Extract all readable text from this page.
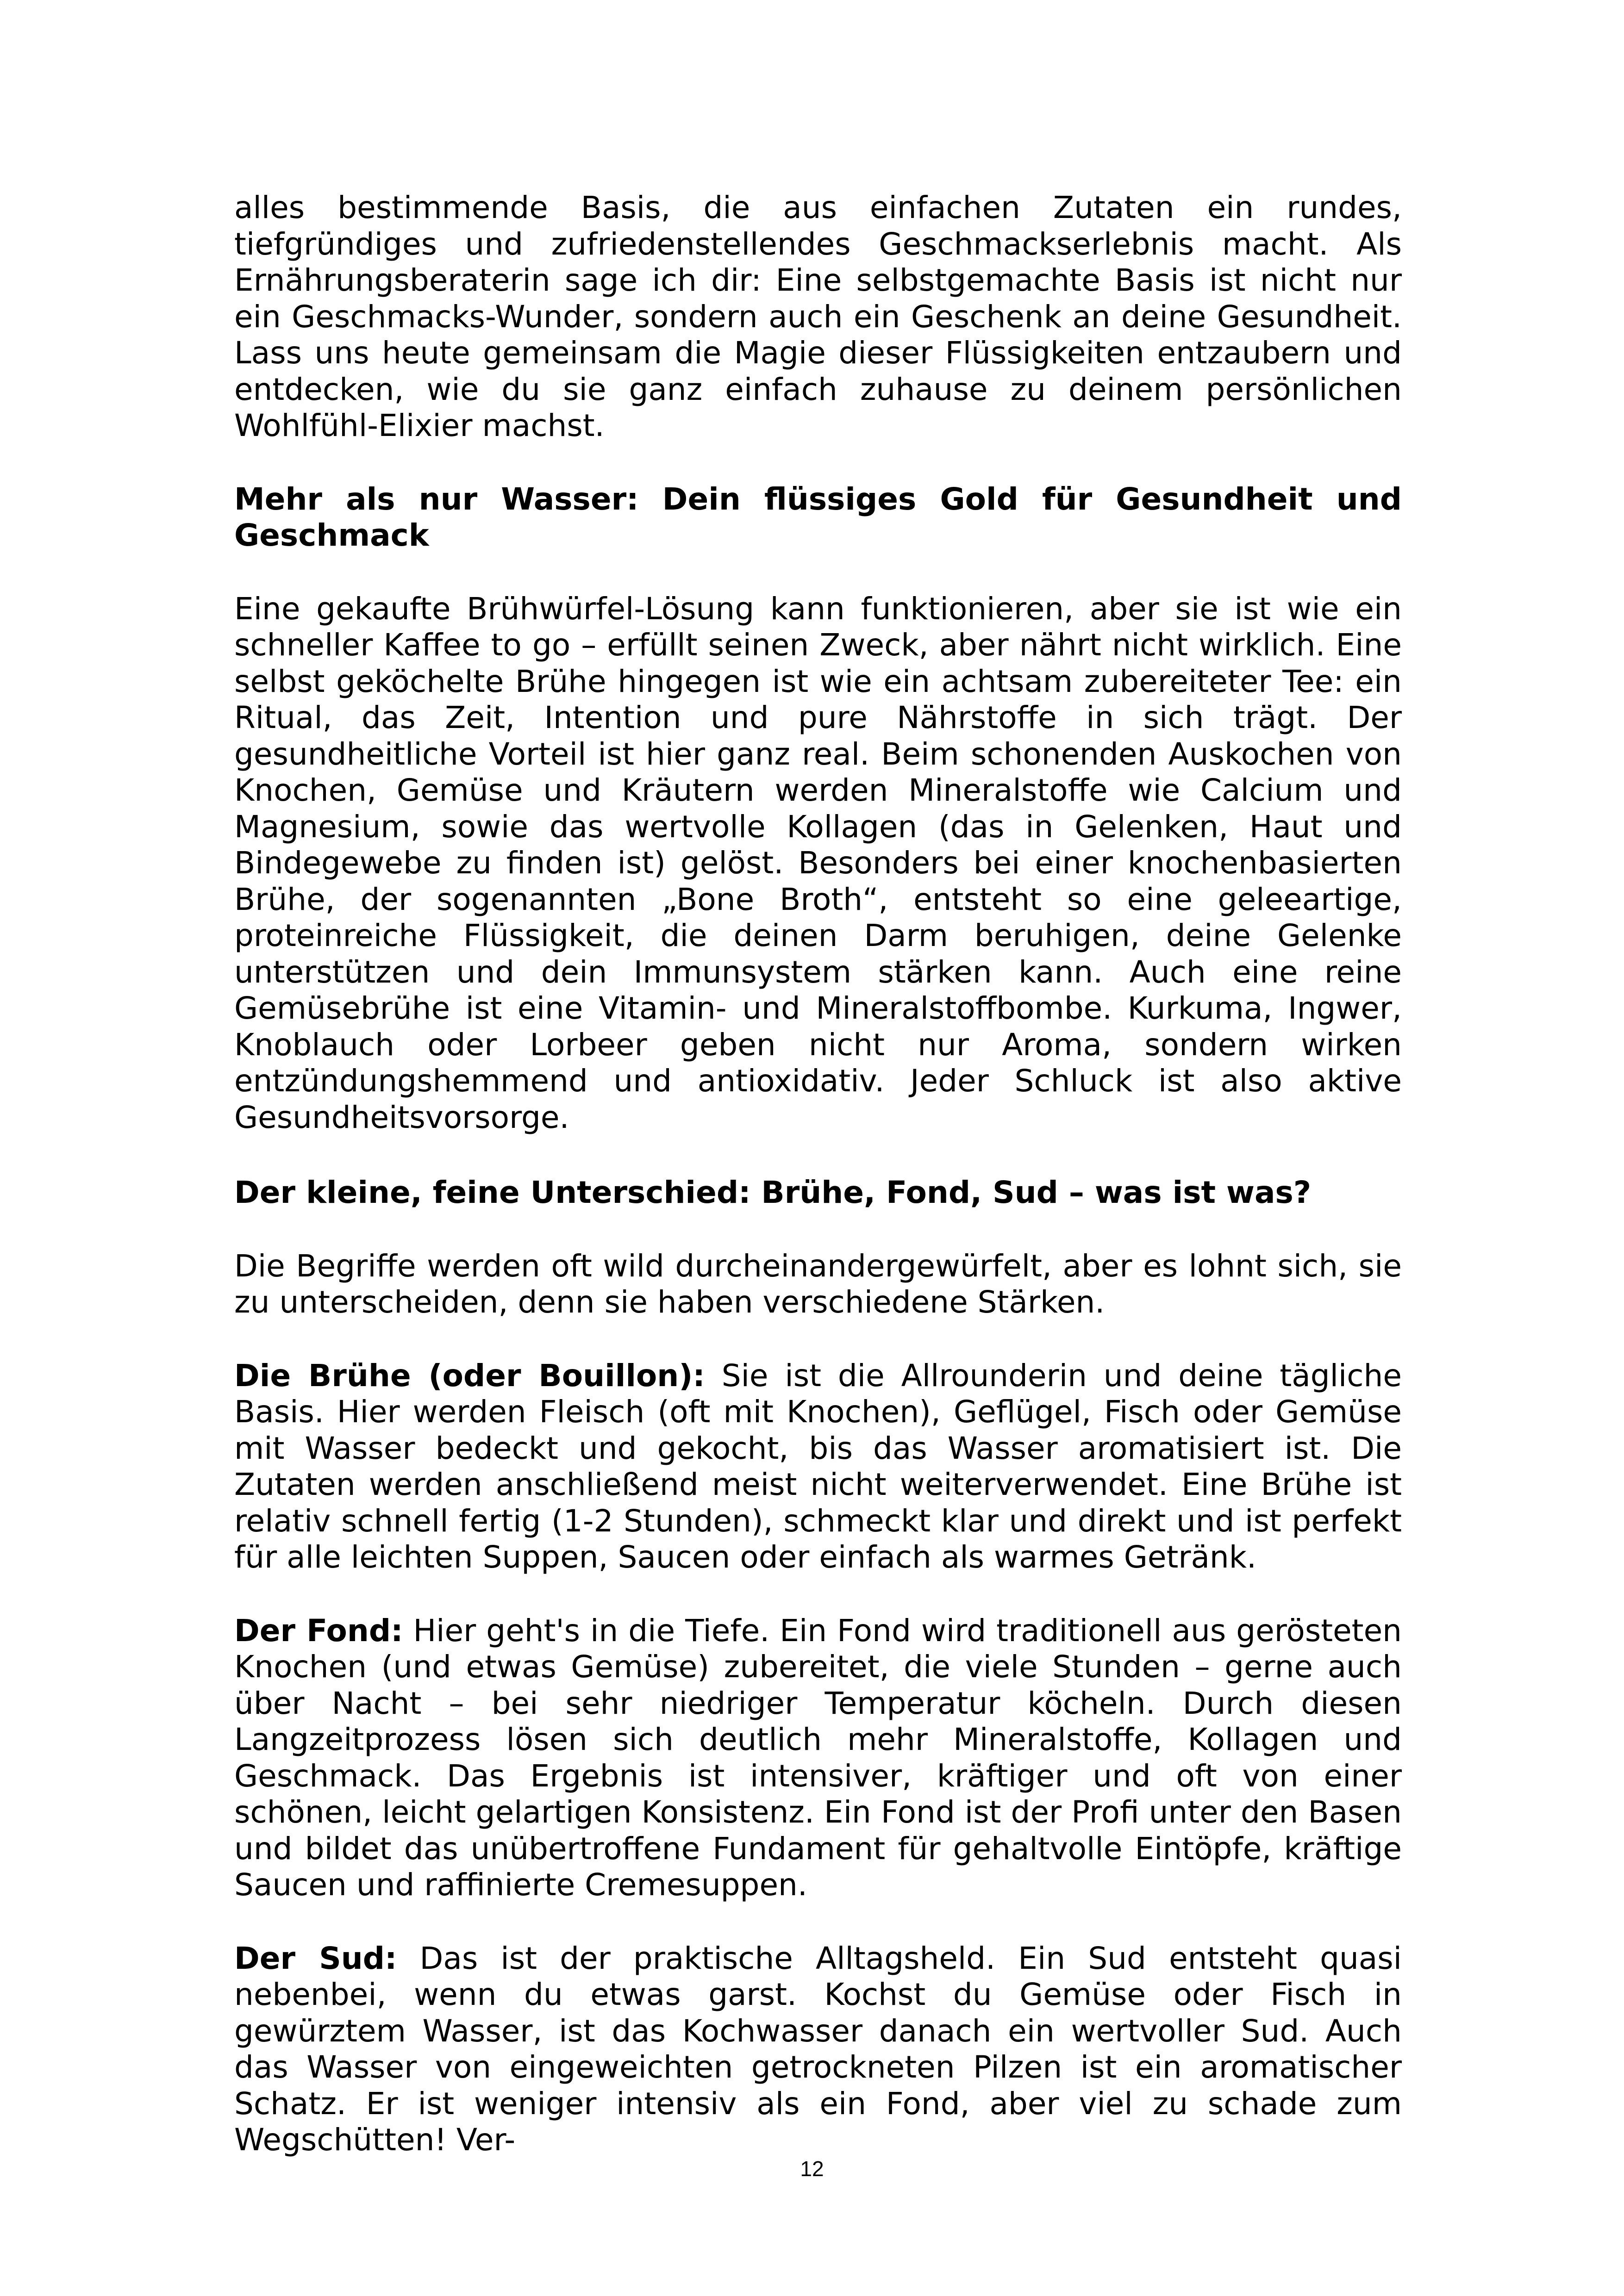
alles bestimmende Basis, die aus einfachen Zutaten ein rundes, tiefgründiges und zufriedenstellendes Geschmackserlebnis macht. Als Ernährungsberaterin sage ich dir: Eine selbstgemachte Basis ist nicht nur ein Geschmacks-Wunder, sondern auch ein Geschenk an deine Gesundheit. Lass uns heute gemeinsam die Magie dieser Flüssigkeiten entzaubern und entdecken, wie du sie ganz einfach zuhause zu deinem persönlichen Wohlfühl-Elixier machst.

Mehr als nur Wasser: Dein flüssiges Gold für Gesundheit und Geschmack

Eine gekaufte Brühwürfel-Lösung kann funktionieren, aber sie ist wie ein schneller Kaffee to go – erfüllt seinen Zweck, aber nährt nicht wirklich. Eine selbst geköchelte Brühe hingegen ist wie ein achtsam zubereiteter Tee: ein Ritual, das Zeit, Intention und pure Nährstoffe in sich trägt. Der gesundheitliche Vorteil ist hier ganz real. Beim schonenden Auskochen von Knochen, Gemüse und Kräutern werden Mineralstoffe wie Calcium und Magnesium, sowie das wertvolle Kollagen (das in Gelenken, Haut und Bindegewebe zu finden ist) gelöst. Besonders bei einer knochenbasierten Brühe, der sogenannten „Bone Broth“, entsteht so eine geleeartige, proteinreiche Flüssigkeit, die deinen Darm beruhigen, deine Gelenke unterstützen und dein Immunsystem stärken kann. Auch eine reine Gemüsebrühe ist eine Vitamin- und Mineralstoffbombe. Kurkuma, Ingwer, Knoblauch oder Lorbeer geben nicht nur Aroma, sondern wirken entzündungshemmend und antioxidativ. Jeder Schluck ist also aktive Gesundheitsvorsorge.

Der kleine, feine Unterschied: Brühe, Fond, Sud – was ist was?

Die Begriffe werden oft wild durcheinandergewürfelt, aber es lohnt sich, sie zu unterscheiden, denn sie haben verschiedene Stärken.

Die Brühe (oder Bouillon): Sie ist die Allrounderin und deine tägliche Basis. Hier werden Fleisch (oft mit Knochen), Geflügel, Fisch oder Gemüse mit Wasser bedeckt und gekocht, bis das Wasser aromatisiert ist. Die Zutaten werden anschließend meist nicht weiterverwendet. Eine Brühe ist relativ schnell fertig (1-2 Stunden), schmeckt klar und direkt und ist perfekt für alle leichten Suppen, Saucen oder einfach als warmes Getränk.

Der Fond: Hier geht's in die Tiefe. Ein Fond wird traditionell aus gerösteten Knochen (und etwas Gemüse) zubereitet, die viele Stunden – gerne auch über Nacht – bei sehr niedriger Temperatur köcheln. Durch diesen Langzeitprozess lösen sich deutlich mehr Mineralstoffe, Kollagen und Geschmack. Das Ergebnis ist intensiver, kräftiger und oft von einer schönen, leicht gelartigen Konsistenz. Ein Fond ist der Profi unter den Basen und bildet das unübertroffene Fundament für gehaltvolle Eintöpfe, kräftige Saucen und raffinierte Cremesuppen.

Der Sud: Das ist der praktische Alltagsheld. Ein Sud entsteht quasi nebenbei, wenn du etwas garst. Kochst du Gemüse oder Fisch in gewürztem Wasser, ist das Kochwasser danach ein wertvoller Sud. Auch das Wasser von eingeweichten getrockneten Pilzen ist ein aromatischer Schatz. Er ist weniger intensiv als ein Fond, aber viel zu schade zum Wegschütten! Ver-

12
